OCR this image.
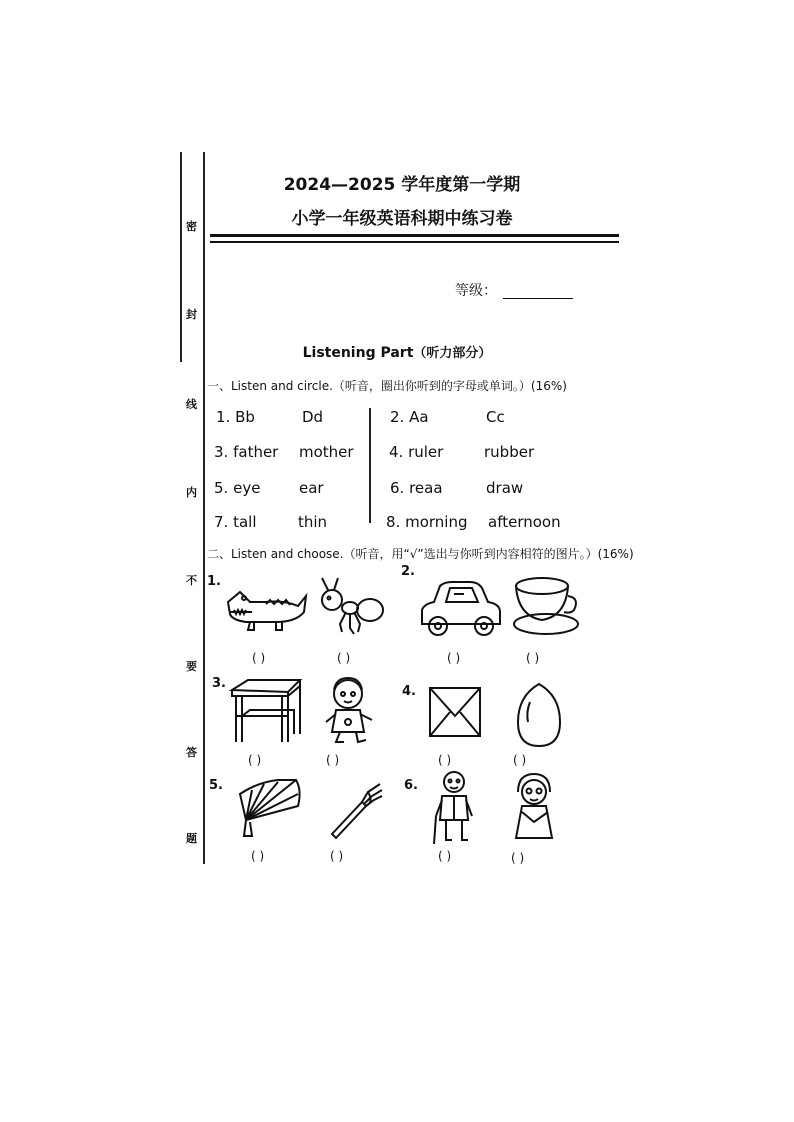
密
封
线
内
不
要
答
题
2024—2025 学年度第一学期
小学一年级英语科期中练习卷
等级：
Listening Part（听力部分）
一、Listen and circle.（听音，圈出你听到的字母或单词。）(16%)
1. Bb	Dd	2. Aa	Cc
3. father mother 4. ruler	rubber
5. eye	ear	6. reaa	draw
7. tall	thin	8. morning afternoon
二、Listen and choose.（听音，用“√”选出与你听到内容相符的图片。）(16%)
1.
2.
3.
4.
5.	6.
( )	( )	( )	( )
( )	( )	( )	( )
( )	( )	( )	( )
